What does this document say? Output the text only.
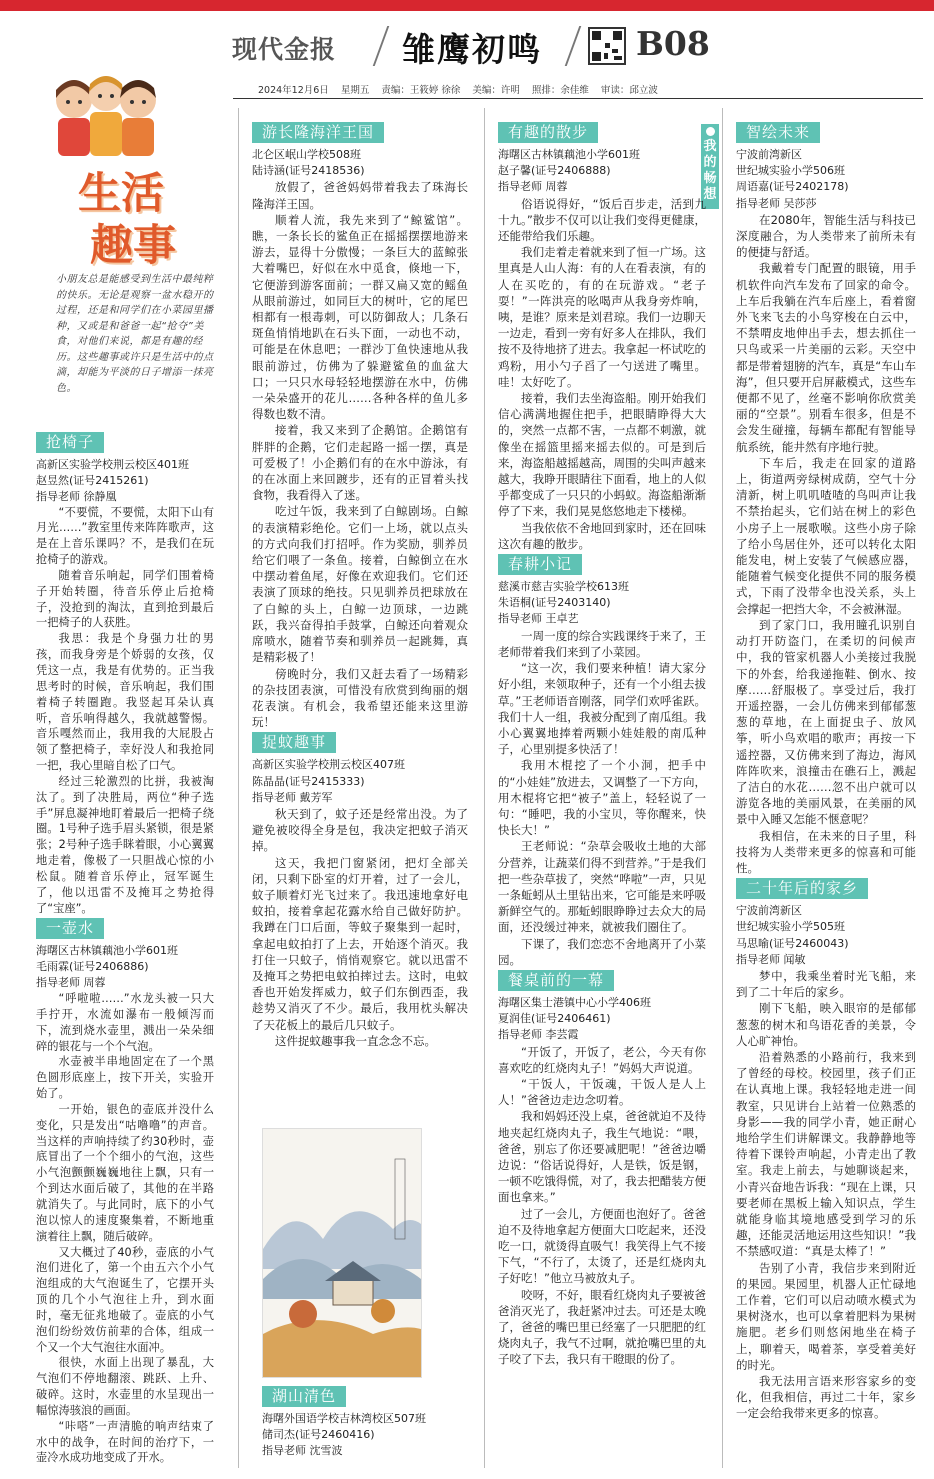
现代金报 雏鹰初鸣	B08
2024年12月6日 星期五 责编：王筱婷 徐徐 美编：许明 照排：余佳维 审读：邱立波
生活
趣事
小朋友总是能感受到生活中最纯粹的快乐。无论是观察一盆水稳开的过程，还是和同学们在小菜园里播种，又或是和爸爸一起“抢夺”美食，对他们来说，都是有趣的经历。这些趣事或许只是生活中的点滴，却能为平淡的日子增添一抹亮色。
我的畅想
抢椅子

高新区实验学校荆云校区401班

赵昱然(证号2415261)

指导老师 徐静凰

“不要慌，不要慌，太阳下山有月光……”教室里传来阵阵歌声，这是在上音乐课吗？不，是我们在玩抢椅子的游戏。

随着音乐响起，同学们围着椅子开始转圈，待音乐停止后抢椅子，没抢到的淘汰，直到抢到最后一把椅子的人获胜。

我思：我是个身强力壮的男孩，而我身旁是个娇弱的女孩，仅凭这一点，我是有优势的。正当我思考时的时候，音乐响起，我们围着椅子转圈跑。我竖起耳朵认真听，音乐响得越久，我就越警惕。音乐嘎然而止，我用我的大屁股占领了整把椅子，幸好没人和我抢同一把，我心里暗自松了口气。

经过三轮激烈的比拼，我被淘汰了。到了决胜局，两位“种子选手”屏息凝神地盯着最后一把椅子绕圈。1号种子选手眉头紧锁，很是紧张；2号种子选手眯着眼，小心翼翼地走着，像极了一只胆战心惊的小松鼠。随着音乐停止，冠军诞生了，他以迅雷不及掩耳之势抢得了“宝座”。

一壶水

海曙区古林镇藕池小学601班

毛雨霖(证号2406886)

指导老师 周蓉

“呼啦啦……”水龙头被一只大手拧开，水流如瀑布一般倾泻而下，流到烧水壶里，溅出一朵朵细碎的银花与一个个气泡。

水壶被半串地固定在了一个黑色圆形底座上，按下开关，实验开始了。

一开始，银色的壶底并没什么变化，只是发出“咕噜噜”的声音。当这样的声响持续了约30秒时，壶底冒出了一个个细小的气泡，这些小气泡颤颤巍巍地往上飘，只有一个到达水面后破了，其他的在半路就消失了。与此同时，底下的小气泡以惊人的速度聚集着，不断地重演着往上飘，随后破碎。

又大概过了40秒，壶底的小气泡们进化了，第一个由五六个小气泡组成的大气泡诞生了，它摆开头顶的几个小气泡往上升，到水面时，毫无征兆地破了。壶底的小气泡们纷纷效仿前辈的合体，组成一个又一个大气泡往水面冲。

很快，水面上出现了暴乱，大气泡们不停地翻滚、跳跃、上升、破碎。这时，水壶里的水呈现出一幅惊涛骇浪的画面。

“咔嗒”一声清脆的响声结束了水中的战争，在时间的治疗下，一壶冷水成功地变成了开水。

游长隆海洋王国

北仑区岷山学校508班

陆诗涵(证号2418536)

放假了，爸爸妈妈带着我去了珠海长隆海洋王国。

顺着人流，我先来到了“鲸鲨馆”。瞧，一条长长的鲨鱼正在摇摇摆摆地游来游去，显得十分傲慢；一条巨大的蓝鲸张大着嘴巴，好似在水中觅食，倏地一下，它便游到游客面前；一群又扁又宽的鳐鱼从眼前游过，如同巨大的树叶，它的尾巴相都有一根毒刺，可以防御敌人；几条石斑鱼悄悄地趴在石头下面，一动也不动，可能是在休息吧；一群沙丁鱼快速地从我眼前游过，仿佛为了躲避鲨鱼的血盆大口；一只只水母轻轻地摆游在水中，仿佛一朵朵盛开的花儿……各种各样的鱼儿多得数也数不清。

接着，我又来到了企鹅馆。企鹅馆有胖胖的企鹅，它们走起路一摇一摆，真是可爱极了！小企鹅们有的在水中游泳，有的在冰面上来回踱步，还有的正冒着头找食物，我看得入了迷。

吃过午饭，我来到了白鲸剧场。白鲸的表演精彩绝伦。它们一上场，就以点头的方式向我们打招呼。作为奖励，驯养员给它们喂了一条鱼。接着，白鲸倒立在水中摆动着鱼尾，好像在欢迎我们。它们还表演了顶球的绝技。只见驯养员把球放在了白鲸的头上，白鲸一边顶球，一边跳跃，我兴奋得拍手鼓掌，白鲸还向着观众席喷水，随着节奏和驯养员一起跳舞，真是精彩极了！

傍晚时分，我们又赶去看了一场精彩的杂技团表演，可惜没有欣赏到绚丽的烟花表演。有机会，我希望还能来这里游玩！

捉蚊趣事

高新区实验学校荆云校区407班

陈晶晶(证号2415333)

指导老师 戴芳军

秋天到了，蚊子还是经常出没。为了避免被咬得全身是包，我决定把蚊子消灭掉。

这天，我把门窗紧闭，把灯全部关闭，只剩下卧室的灯开着，过了一会儿，蚊子顺着灯光飞过来了。我迅速地拿好电蚊拍，接着拿起花露水给自己做好防护。我蹲在门口后面，等蚊子聚集到一起时，拿起电蚊拍打了上去，开始逐个消灭。我打住一只蚊子，悄悄观察它。就以迅雷不及掩耳之势把电蚊拍摔过去。这时，电蚊香也开始发挥威力，蚊子们东倒西歪，我趁势又消灭了不少。最后，我用枕头解决了天花板上的最后几只蚊子。

这件捉蚊趣事我一直念念不忘。

湖山清色

海曙外国语学校吉林湾校区507班

储司杰(证号2460416)

指导老师 沈雪波

有趣的散步

海曙区古林镇藕池小学601班

赵子馨(证号2406888)

指导老师 周蓉

俗语说得好，“饭后百步走，活到九十九。”散步不仅可以让我们变得更健康，还能带给我们乐趣。

我们走着走着就来到了恒一广场。这里真是人山人海：有的人在看表演，有的人在买吃的，有的在玩游戏。“老子耍！”一阵洪亮的吆喝声从我身旁炸响，咦，是谁？原来是刘君琼。我们一边聊天一边走，看到一旁有好多人在排队，我们按不及待地挤了进去。我拿起一杯试吃的鸡粉，用小勺子舀了一勺送进了嘴里。哇！太好吃了。

接着，我们去坐海盗船。刚开始我们信心满满地握住把手，把眼睛睁得大大的，突然一点都不害，一点都不刺激，就像坐在摇篮里摇来摇去似的。可是到后来，海盗船越摇越高，周围的尖叫声越来越大，我睁开眼睛往下面看，地上的人似乎都变成了一只只的小蚂蚁。海盗船渐渐停了下来，我们晃晃悠悠地走下楼梯。

当我依依不舍地回到家时，还在回味这次有趣的散步。

春耕小记

慈溪市慈吉实验学校613班

朱语桐(证号2403140)

指导老师 王卓艺

一周一度的综合实践课终于来了，王老师带着我们来到了小菜园。

“这一次，我们要来种植！请大家分好小组，来领取种子，还有一个小组去拔草。”王老师语音刚落，同学们欢呼雀跃。我们十人一组，我被分配到了南瓜组。我小心翼翼地捧着两颗小娃娃般的南瓜种子，心里别提多快活了！

我用木棍挖了一个小洞，把手中的“小娃娃”放进去，又调整了一下方向，用木棍将它把“被子”盖上，轻轻说了一句：“睡吧，我的小宝贝，等你醒来，快快长大！”

王老师说：“杂草会吸收土地的大部分营养，让蔬菜们得不到营养。”于是我们把一些杂草拔了，突然“哗啦”一声，只见一条蚯蚓从土里钻出来，它可能是来呼吸新鲜空气的。那蚯蚓眼睁睁过去众大的局面，还没缓过神来，就被我们圈住了。

下课了，我们恋恋不舍地离开了小菜园。

餐桌前的一幕

海曙区集士港镇中心小学406班

夏润佳(证号2406461)

指导老师 李芸霞

“开饭了，开饭了，老公，今天有你喜欢吃的红烧肉丸子！”妈妈大声说道。

“干饭人，干饭魂，干饭人是人上人！”爸爸边走边念叨着。

我和妈妈还没上桌，爸爸就迫不及待地夹起红烧肉丸子，我生气地说：“喂，爸爸，别忘了你还要减肥呢！”爸爸边嚼边说：“俗话说得好，人是铁，饭是钢，一顿不吃饿得慌，对了，我去把醋装方便面也拿来。”

过了一会儿，方便面也泡好了。爸爸迫不及待地拿起方便面大口吃起来，还没吃一口，就烫得直吸气！我笑得上气不接下气，“不行了，太烫了，还是红烧肉丸子好吃！”他立马被放丸子。

咬呀，不好，眼看红烧肉丸子要被爸爸消灭光了，我赶紧冲过去。可还是太晚了，爸爸的嘴巴里已经塞了一只肥肥的红烧肉丸子，我气不过啊，就抢嘴巴里的丸子咬了下去，我只有干瞪眼的份了。

智绘未来

宁波前湾新区

世纪城实验小学506班

周语嘉(证号2402178)

指导老师 吴莎莎

在2080年，智能生活与科技已深度融合，为人类带来了前所未有的便捷与舒适。

我戴着专门配置的眼镜，用手机软件向汽车发布了回家的命令。上车后我躺在汽车后座上，看着窗外飞来飞去的小鸟穿梭在白云中，不禁喟皮地伸出手去，想去抓住一只鸟或采一片美丽的云彩。天空中都是带着翅膀的汽车，真是“车山车海”，但只要开启屏蔽模式，这些车便都不见了，丝毫不影响你欣赏美丽的“空景”。别看车很多，但是不会发生碰撞，每辆车都配有智能导航系统，能井然有序地行驶。

下车后，我走在回家的道路上，街道两旁绿树成荫，空气十分清新，树上叽叽喳喳的鸟叫声让我不禁抬起头，它们站在树上的彩色小房子上一展歌喉。这些小房子除了给小鸟居住外，还可以转化太阳能发电，树上安装了气候感应器，能随着气候变化提供不同的服务模式，下雨了没带伞也没关系，头上会撑起一把挡大伞，不会被淋湿。

到了家门口，我用瞳孔识别自动打开防盗门，在柔切的问候声中，我的管家机器人小美接过我脱下的外套，给我递拖鞋、倒水、按摩……舒服极了。享受过后，我打开遥控器，一会儿仿佛来到郁郁葱葱的草地，在上面捉虫子、放风筝，听小鸟欢唱的歌声；再按一下遥控器，又仿佛来到了海边，海风阵阵吹来，浪撞击在礁石上，溅起了洁白的水花……忽不出户就可以游览各地的美丽风景，在美丽的风景中入睡又怎能不惬意呢？

我相信，在未来的日子里，科技将为人类带来更多的惊喜和可能性。

二十年后的家乡

宁波前湾新区

世纪城实验小学505班

马思喻(证号2460043)

指导老师 闻敏

梦中，我乘坐着时光飞船，来到了二十年后的家乡。

刚下飞船，映入眼帘的是郁郁葱葱的树木和鸟语花香的美景，令人心旷神怡。

沿着熟悉的小路前行，我来到了曾经的母校。校园里，孩子们正在认真地上课。我轻轻地走进一间教室，只见讲台上站着一位熟悉的身影——我的同学小青，她正耐心地给学生们讲解课文。我静静地等待着下课铃声响起，小青走出了教室。我走上前去，与她聊谈起来，小青兴奋地告诉我：“现在上课，只要老师在黑板上输入知识点，学生就能身临其境地感受到学习的乐趣，还能灵活地运用这些知识！”我不禁感叹道：“真是太棒了！”

告别了小青，我信步来到附近的果园。果园里，机器人正忙碌地工作着，它们可以启动喷水模式为果树浇水，也可以拿着肥料为果树施肥。老乡们则悠闲地坐在椅子上，聊着天，喝着茶，享受着美好的时光。

我无法用言语来形容家乡的变化，但我相信，再过二十年，家乡一定会给我带来更多的惊喜。
